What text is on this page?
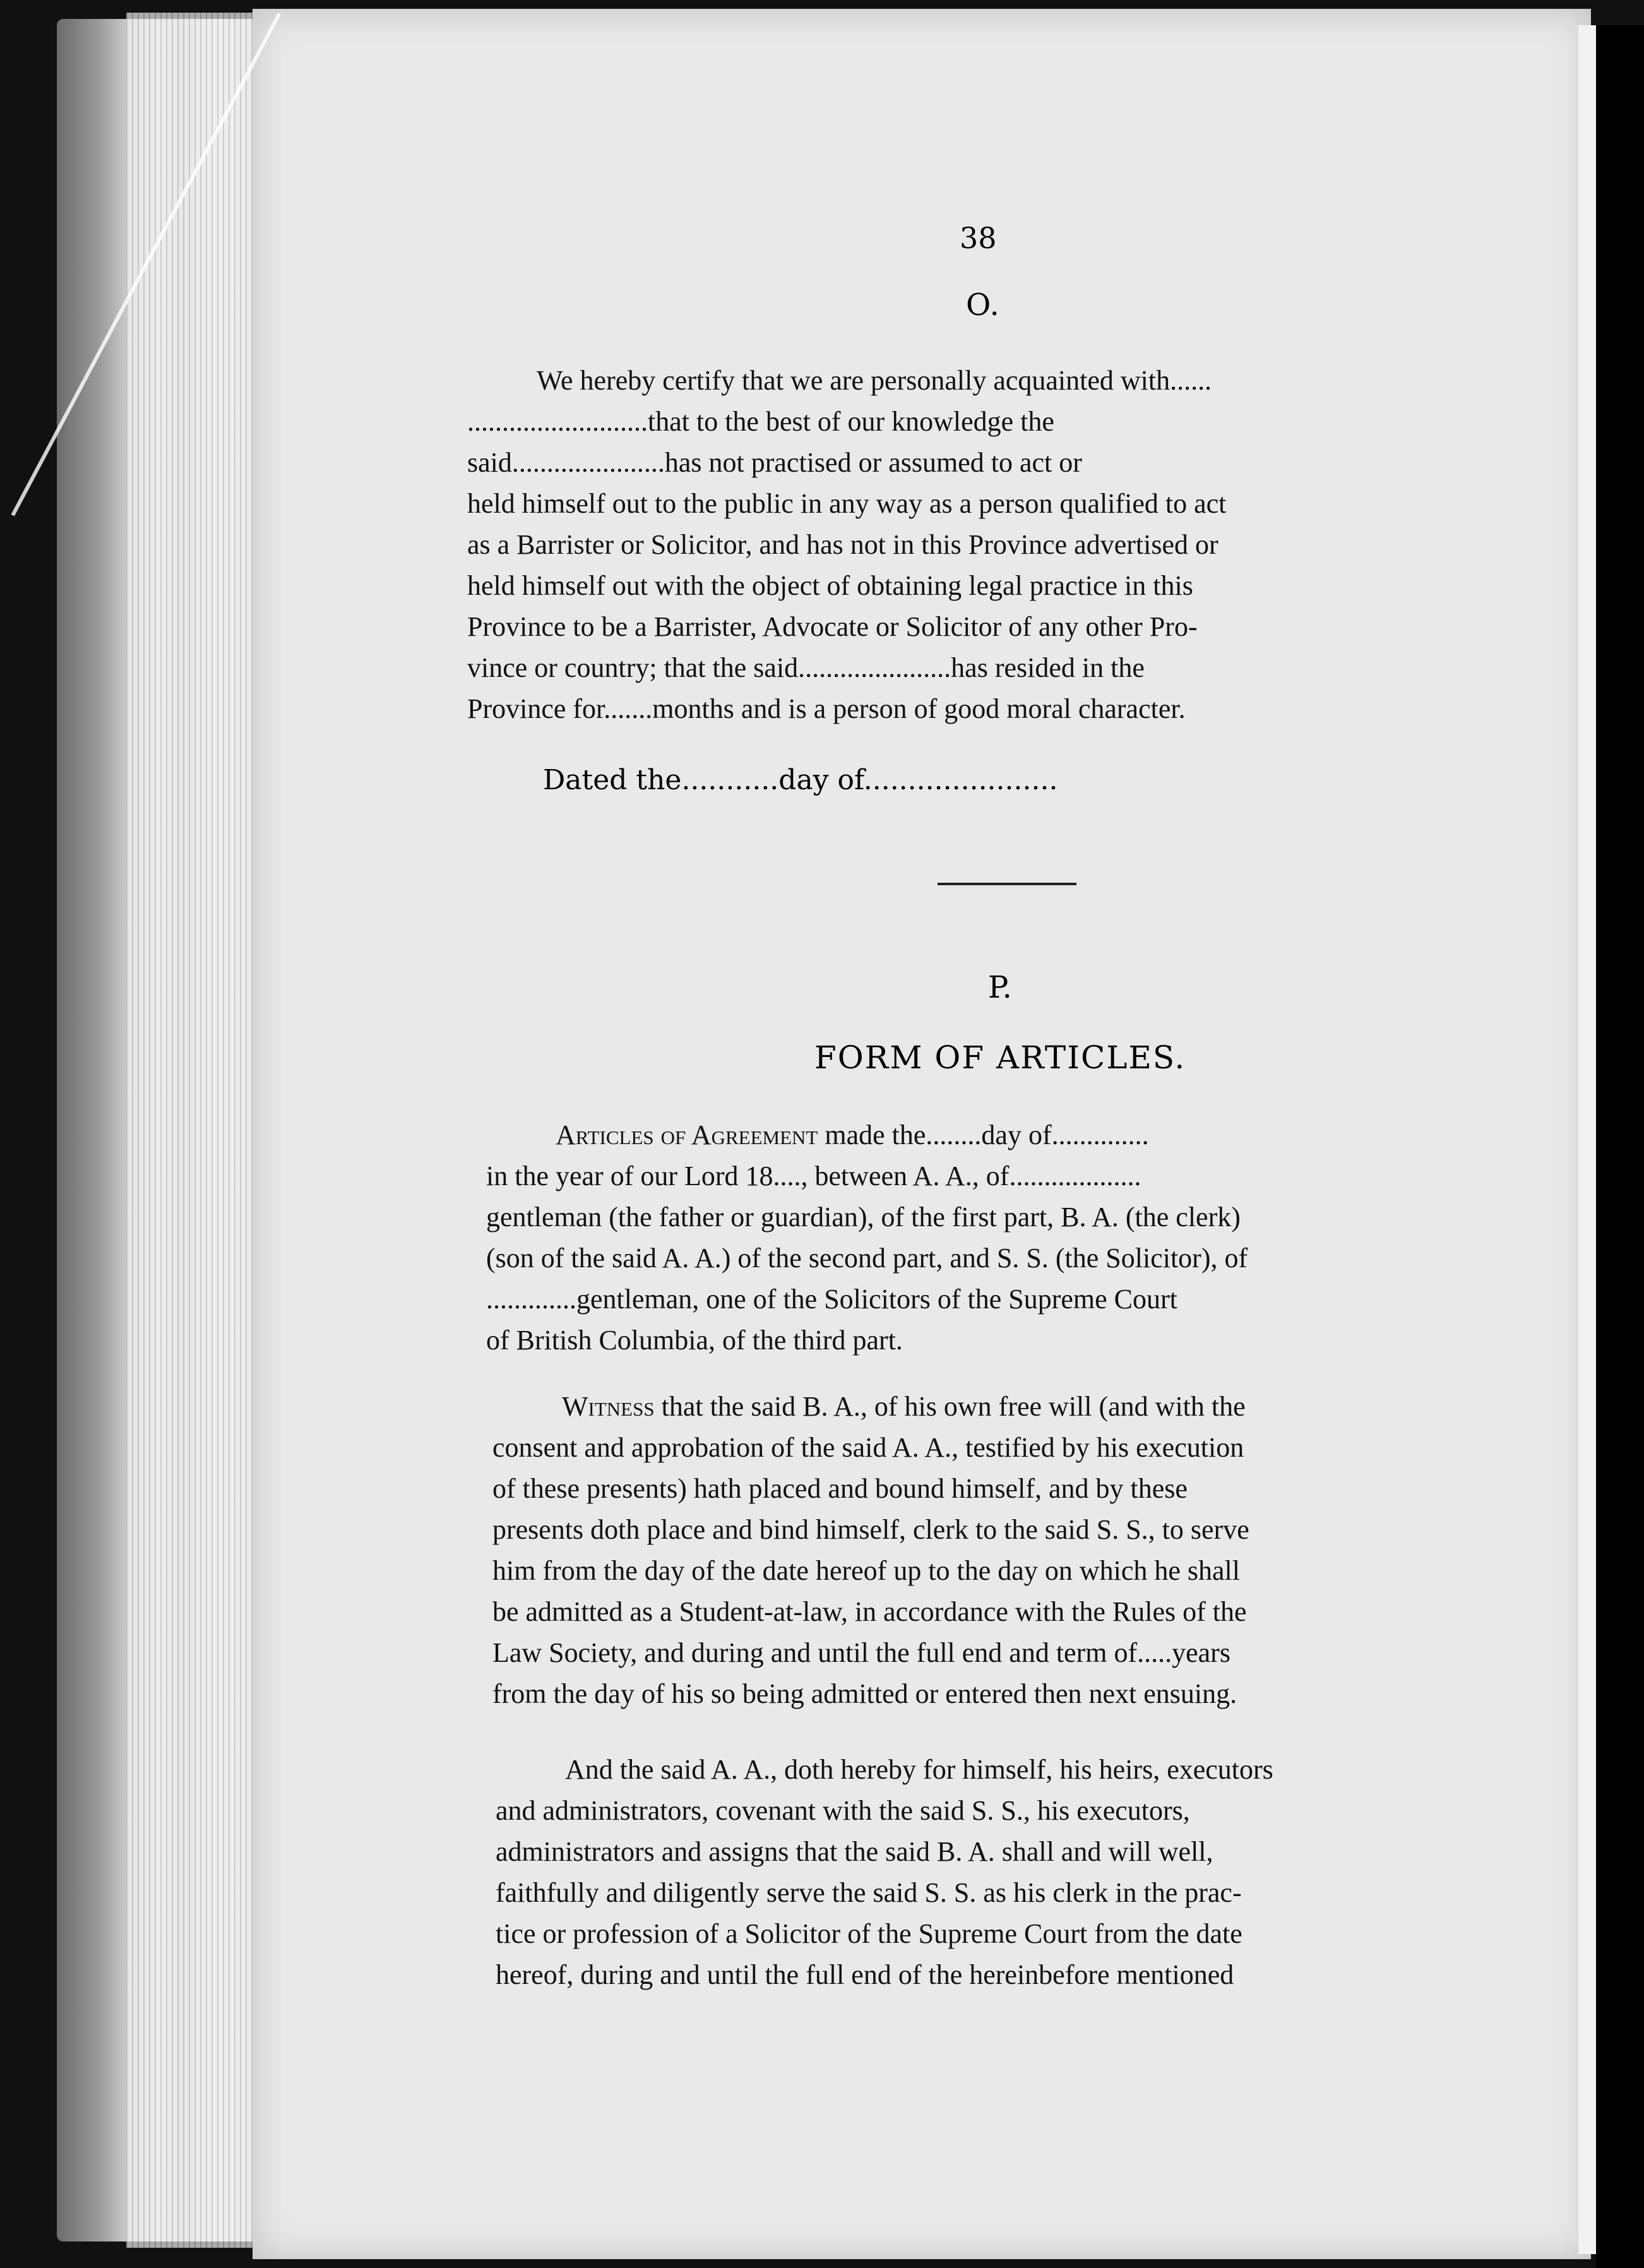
38
O.
We hereby certify that we are personally acquainted with......
..........................that to the best of our knowledge the
said......................has not practised or assumed to act or
held himself out to the public in any way as a person qualified to act
as a Barrister or Solicitor, and has not in this Province advertised or
held himself out with the object of obtaining legal practice in this
Province to be a Barrister, Advocate or Solicitor of any other Pro-
vince or country; that the said......................has resided in the
Province for.......months and is a person of good moral character.
Dated the...........day of......................
P.
FORM OF ARTICLES.
Articles of Agreement made the........day of..............
in the year of our Lord 18...., between A. A., of...................
gentleman (the father or guardian), of the first part, B. A. (the clerk)
(son of the said A. A.) of the second part, and S. S. (the Solicitor), of
.............gentleman, one of the Solicitors of the Supreme Court
of British Columbia, of the third part.
Witness that the said B. A., of his own free will (and with the
consent and approbation of the said A. A., testified by his execution
of these presents) hath placed and bound himself, and by these
presents doth place and bind himself, clerk to the said S. S., to serve
him from the day of the date hereof up to the day on which he shall
be admitted as a Student-at-law, in accordance with the Rules of the
Law Society, and during and until the full end and term of.....years
from the day of his so being admitted or entered then next ensuing.
And the said A. A., doth hereby for himself, his heirs, executors
and administrators, covenant with the said S. S., his executors,
administrators and assigns that the said B. A. shall and will well,
faithfully and diligently serve the said S. S. as his clerk in the prac-
tice or profession of a Solicitor of the Supreme Court from the date
hereof, during and until the full end of the hereinbefore mentioned
